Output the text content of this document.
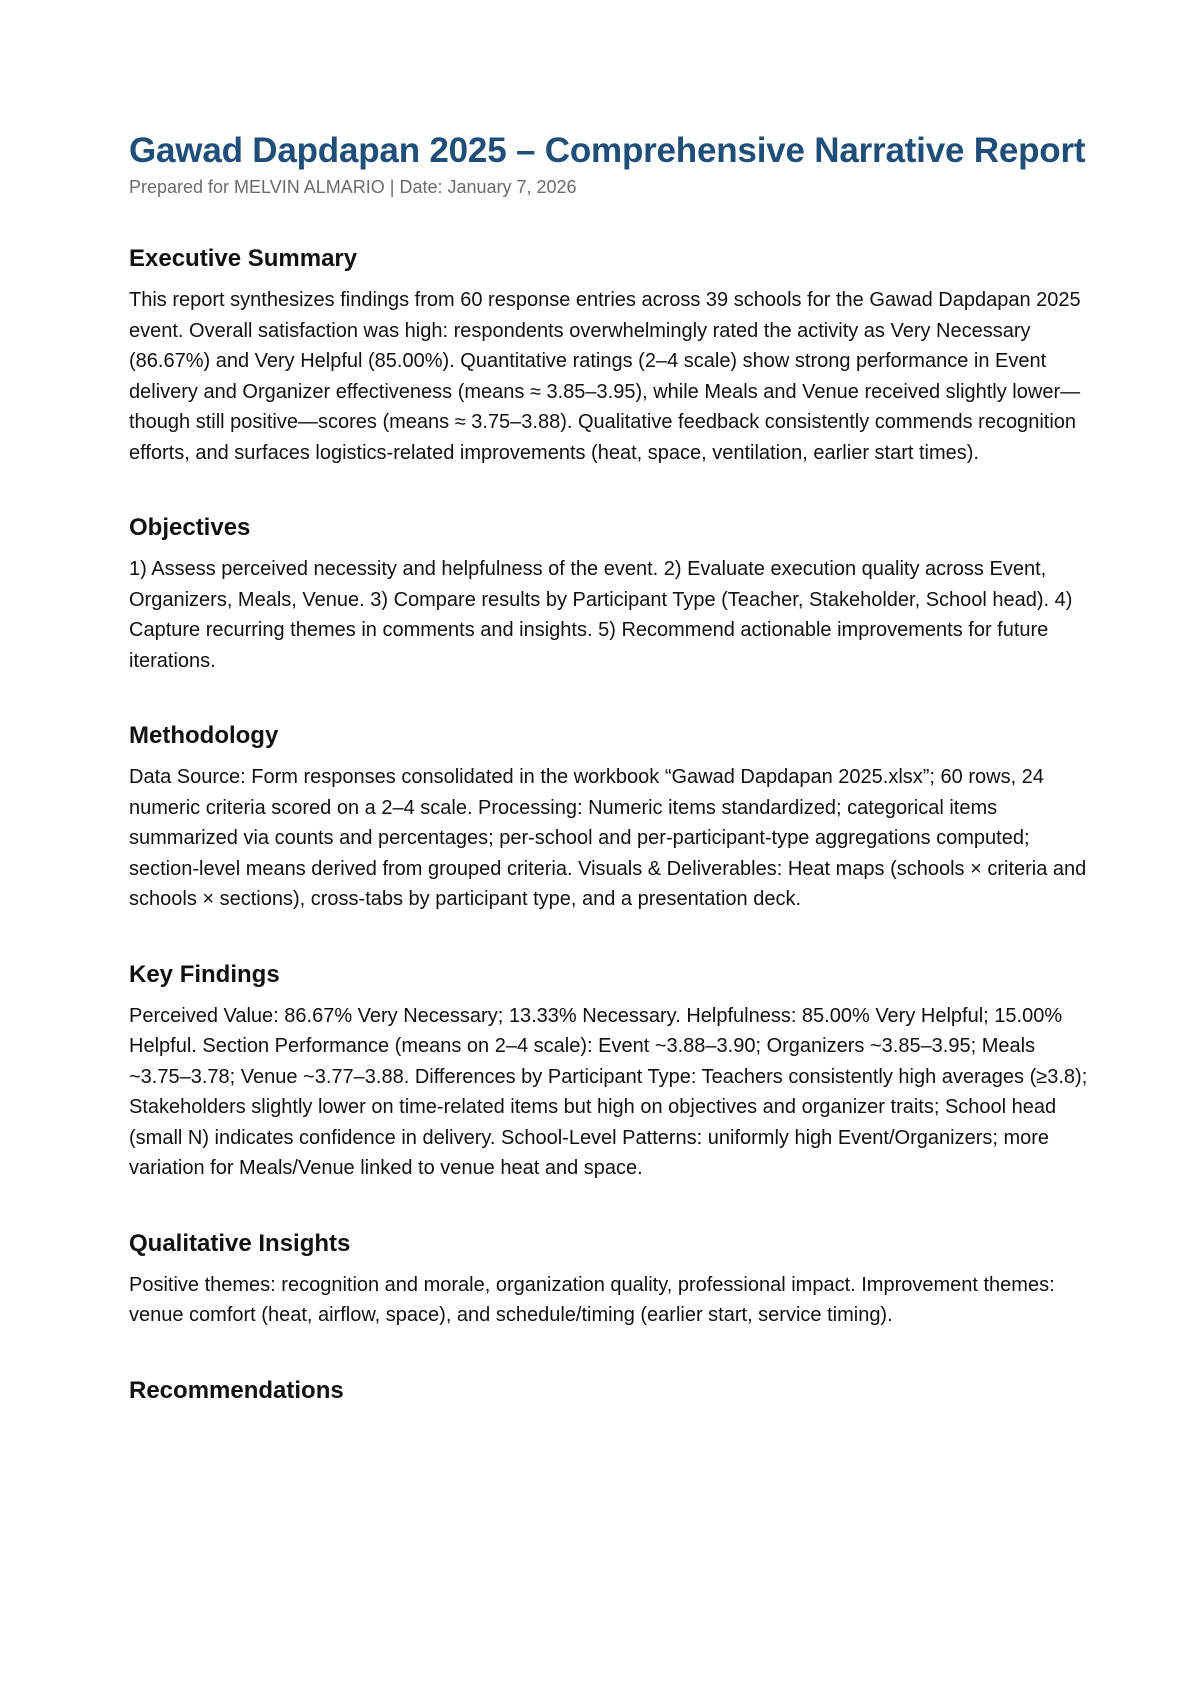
Gawad Dapdapan 2025 – Comprehensive Narrative Report

Prepared for MELVIN ALMARIO | Date: January 7, 2026

Executive Summary

This report synthesizes findings from 60 response entries across 39 schools for the Gawad Dapdapan 2025 event. Overall satisfaction was high: respondents overwhelmingly rated the activity as Very Necessary (86.67%) and Very Helpful (85.00%). Quantitative ratings (2–4 scale) show strong performance in Event delivery and Organizer effectiveness (means ≈ 3.85–3.95), while Meals and Venue received slightly lower—though still positive—scores (means ≈ 3.75–3.88). Qualitative feedback consistently commends recognition efforts, and surfaces logistics-related improvements (heat, space, ventilation, earlier start times).

Objectives

1) Assess perceived necessity and helpfulness of the event. 2) Evaluate execution quality across Event, Organizers, Meals, Venue. 3) Compare results by Participant Type (Teacher, Stakeholder, School head). 4) Capture recurring themes in comments and insights. 5) Recommend actionable improvements for future iterations.

Methodology

Data Source: Form responses consolidated in the workbook “Gawad Dapdapan 2025.xlsx”; 60 rows, 24 numeric criteria scored on a 2–4 scale. Processing: Numeric items standardized; categorical items summarized via counts and percentages; per-school and per-participant-type aggregations computed; section-level means derived from grouped criteria. Visuals & Deliverables: Heat maps (schools × criteria and schools × sections), cross-tabs by participant type, and a presentation deck.

Key Findings

Perceived Value: 86.67% Very Necessary; 13.33% Necessary. Helpfulness: 85.00% Very Helpful; 15.00% Helpful. Section Performance (means on 2–4 scale): Event ~3.88–3.90; Organizers ~3.85–3.95; Meals ~3.75–3.78; Venue ~3.77–3.88. Differences by Participant Type: Teachers consistently high averages (≥3.8); Stakeholders slightly lower on time-related items but high on objectives and organizer traits; School head (small N) indicates confidence in delivery. School-Level Patterns: uniformly high Event/Organizers; more variation for Meals/Venue linked to venue heat and space.

Qualitative Insights

Positive themes: recognition and morale, organization quality, professional impact. Improvement themes: venue comfort (heat, airflow, space), and schedule/timing (earlier start, service timing).

Recommendations
